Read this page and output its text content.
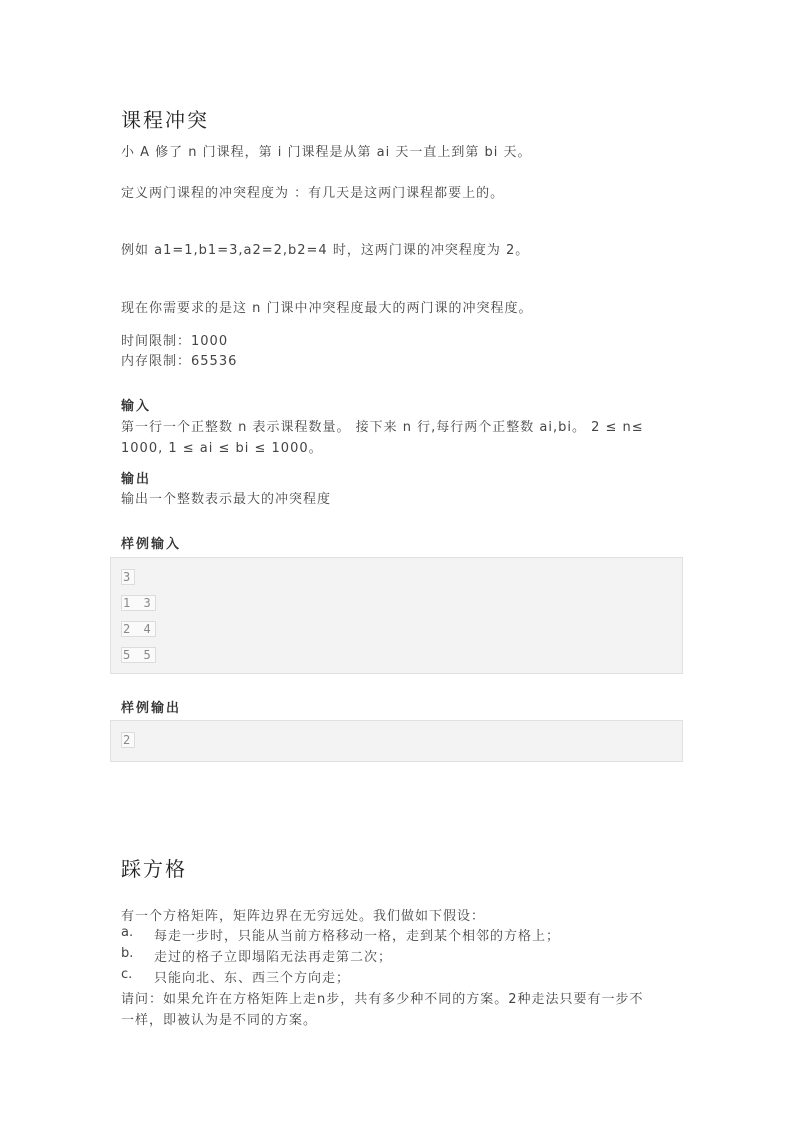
课程冲突
小 A 修了 n 门课程，第 i 门课程是从第 ai 天一直上到第 bi 天。
定义两门课程的冲突程度为 ：有几天是这两门课程都要上的。
例如 a1=1,b1=3,a2=2,b2=4 时，这两门课的冲突程度为 2。
现在你需要求的是这 n 门课中冲突程度最大的两门课的冲突程度。
时间限制：1000
内存限制：65536
输入
第一行一个正整数 n 表示课程数量。 接下来 n 行,每行两个正整数 ai,bi。 2 ≤ n≤
1000, 1 ≤ ai ≤ bi ≤ 1000。
输出
输出一个整数表示最大的冲突程度
样例输入
3
1 3
2 4
5 5
样例输出
2
踩方格
有一个方格矩阵，矩阵边界在无穷远处。我们做如下假设：
a. 每走一步时，只能从当前方格移动一格，走到某个相邻的方格上；
b. 走过的格子立即塌陷无法再走第二次；
c. 只能向北、东、西三个方向走；
请问：如果允许在方格矩阵上走n步，共有多少种不同的方案。2种走法只要有一步不
一样，即被认为是不同的方案。
